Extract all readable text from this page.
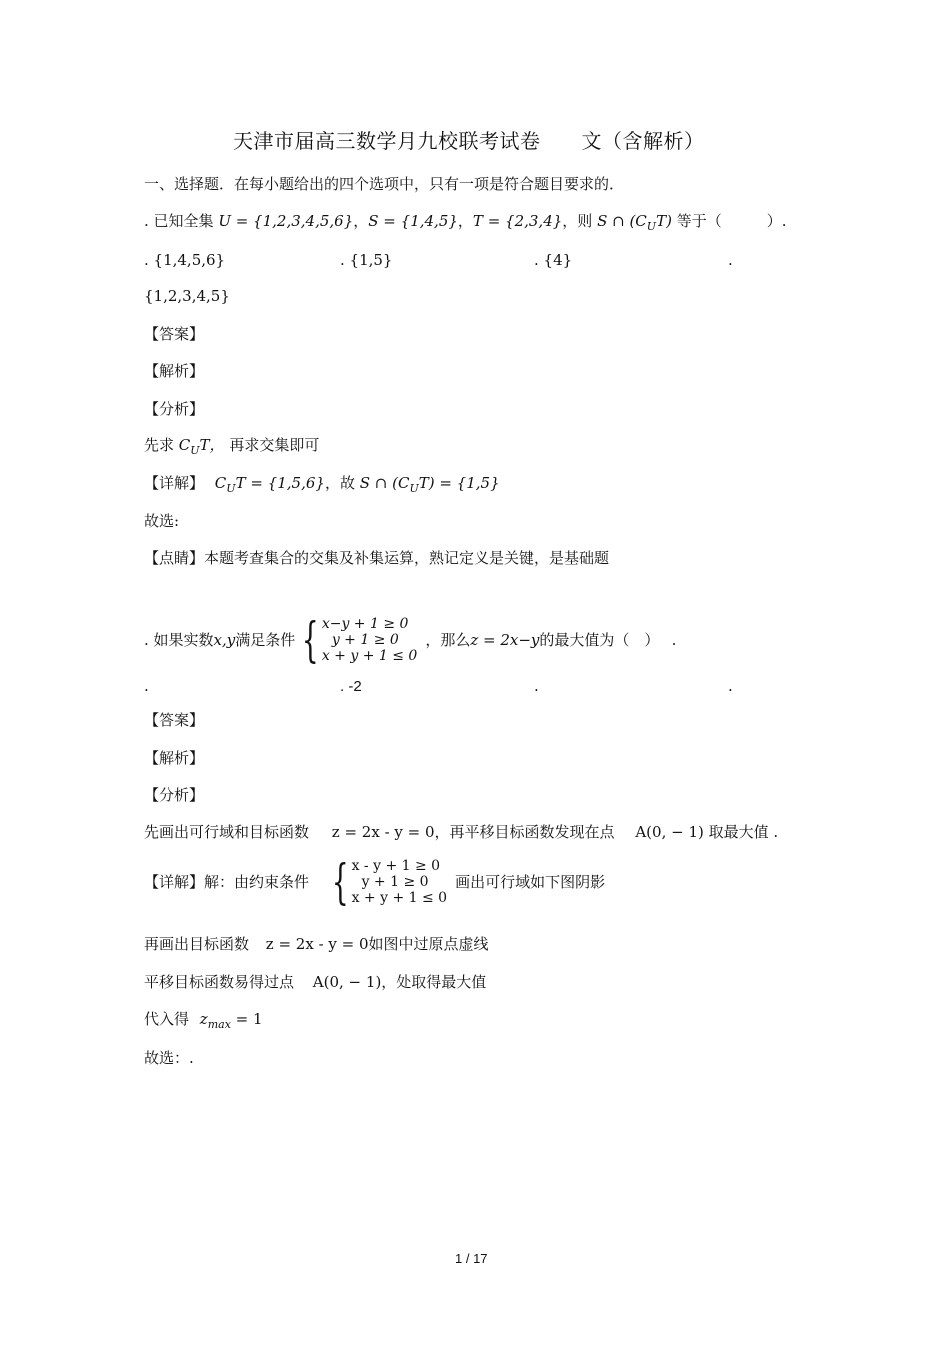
天津市届高三数学月九校联考试卷　　文（含解析）
一、选择题．在每小题给出的四个选项中，只有一项是符合题目要求的．
. 已知全集 U = {1,2,3,4,5,6}，S = {1,4,5}，T = {2,3,4}，则 S ∩ $(C_UT)$ 等于（　　　）.
. {1,4,5,6}	. {1,5}	. {4}	.
{1,2,3,4,5}
【答案】
【解析】
【分析】
先求 $C_UT$， 再求交集即可
【详解】 $C_UT = \{1,5,6\}$，故 S ∩ $(C_UT) = \{1,5\}$
故选:
【点睛】本题考查集合的交集及补集运算，熟记定义是关键，是基础题
. 如果实数 x,y 满足条件 { x−y + 1 ≥ 0
y + 1 ≥ 0
x + y + 1 ≤ 0
，那么 z = 2x−y 的最大值为（　）　 .
.	. -2	.	.
【答案】
【解析】
【分析】
先画出可行域和目标函数 z = 2x - y = 0，再平移目标函数发现在点 A(0, − 1) 取最大值 .
【详解】解：由约束条件 { x - y + 1 ≥ 0
y + 1 ≥ 0
x + y + 1 ≤ 0
画出可行域如下图阴影
再画出目标函数 z = 2x - y = 0如图中过原点虚线
平移目标函数易得过点 A(0, − 1)，处取得最大值
代入得 $z_{max} = 1$
故选：.
1 / 17
